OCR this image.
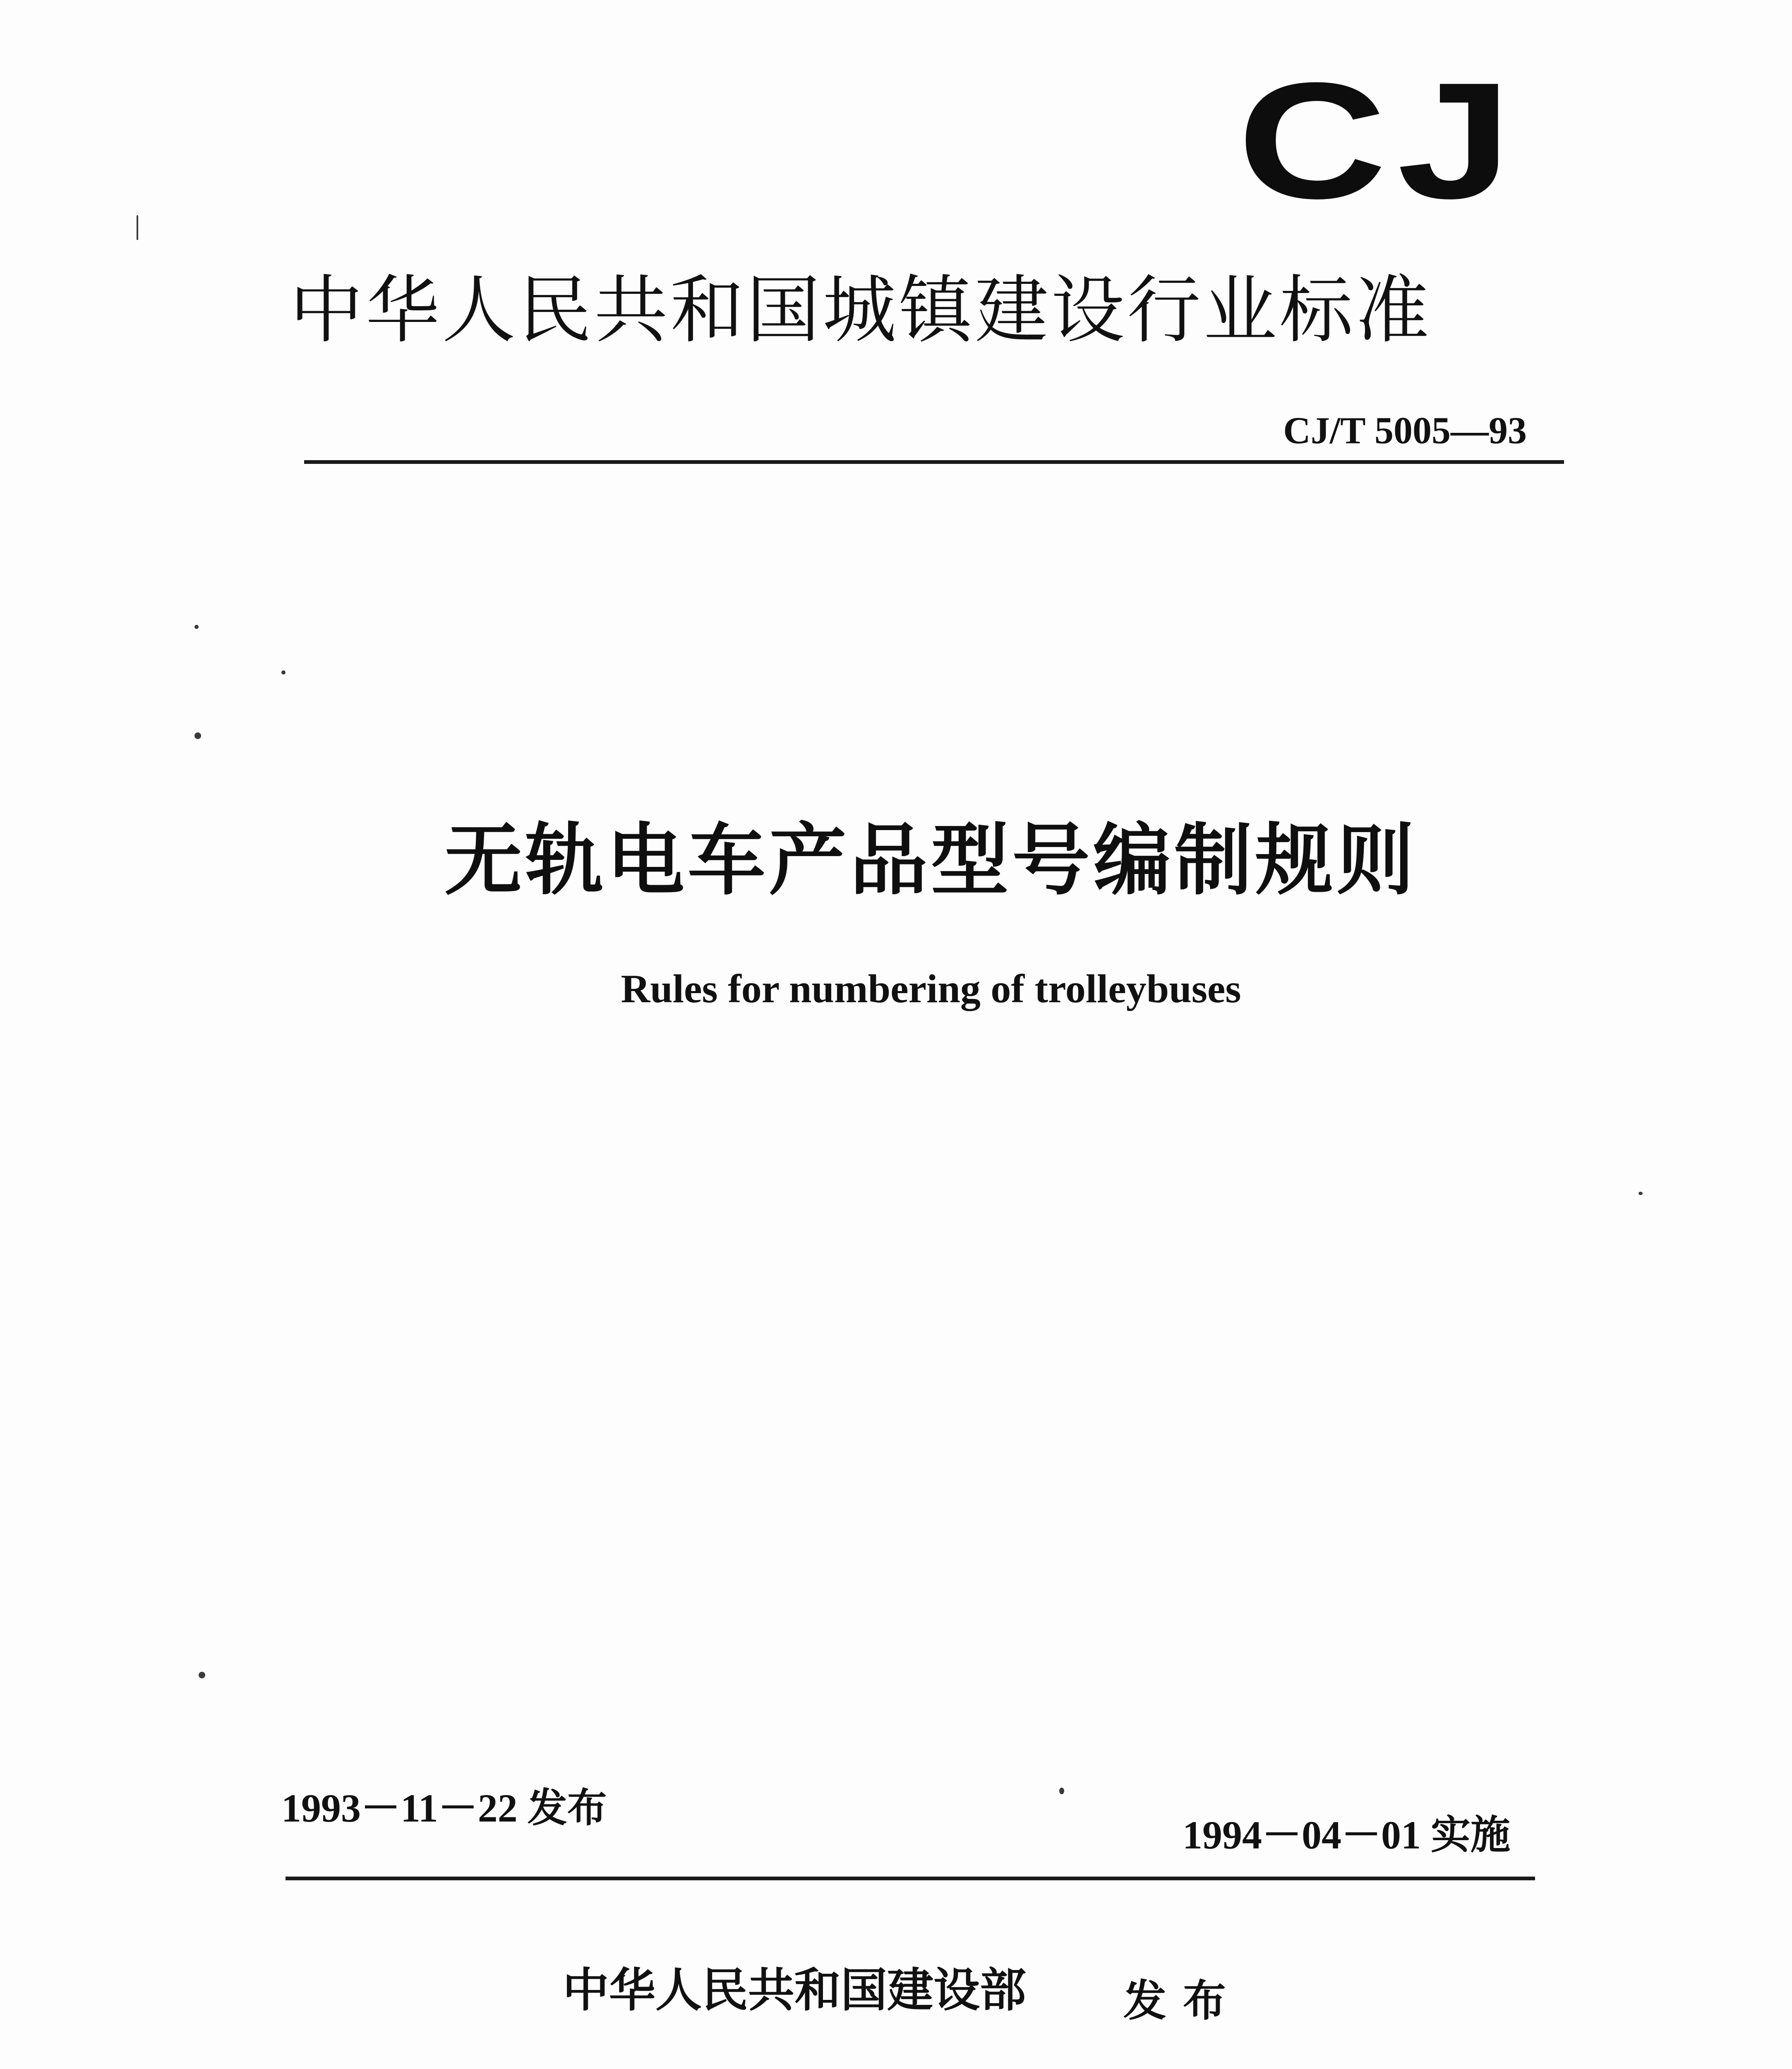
CJ
中华人民共和国城镇建设行业标准
CJ/T 5005—93
无轨电车产品型号编制规则
Rules for numbering of trolleybuses
1993－11－22 发布
1994－04－01 实施
中华人民共和国建设部	发布
